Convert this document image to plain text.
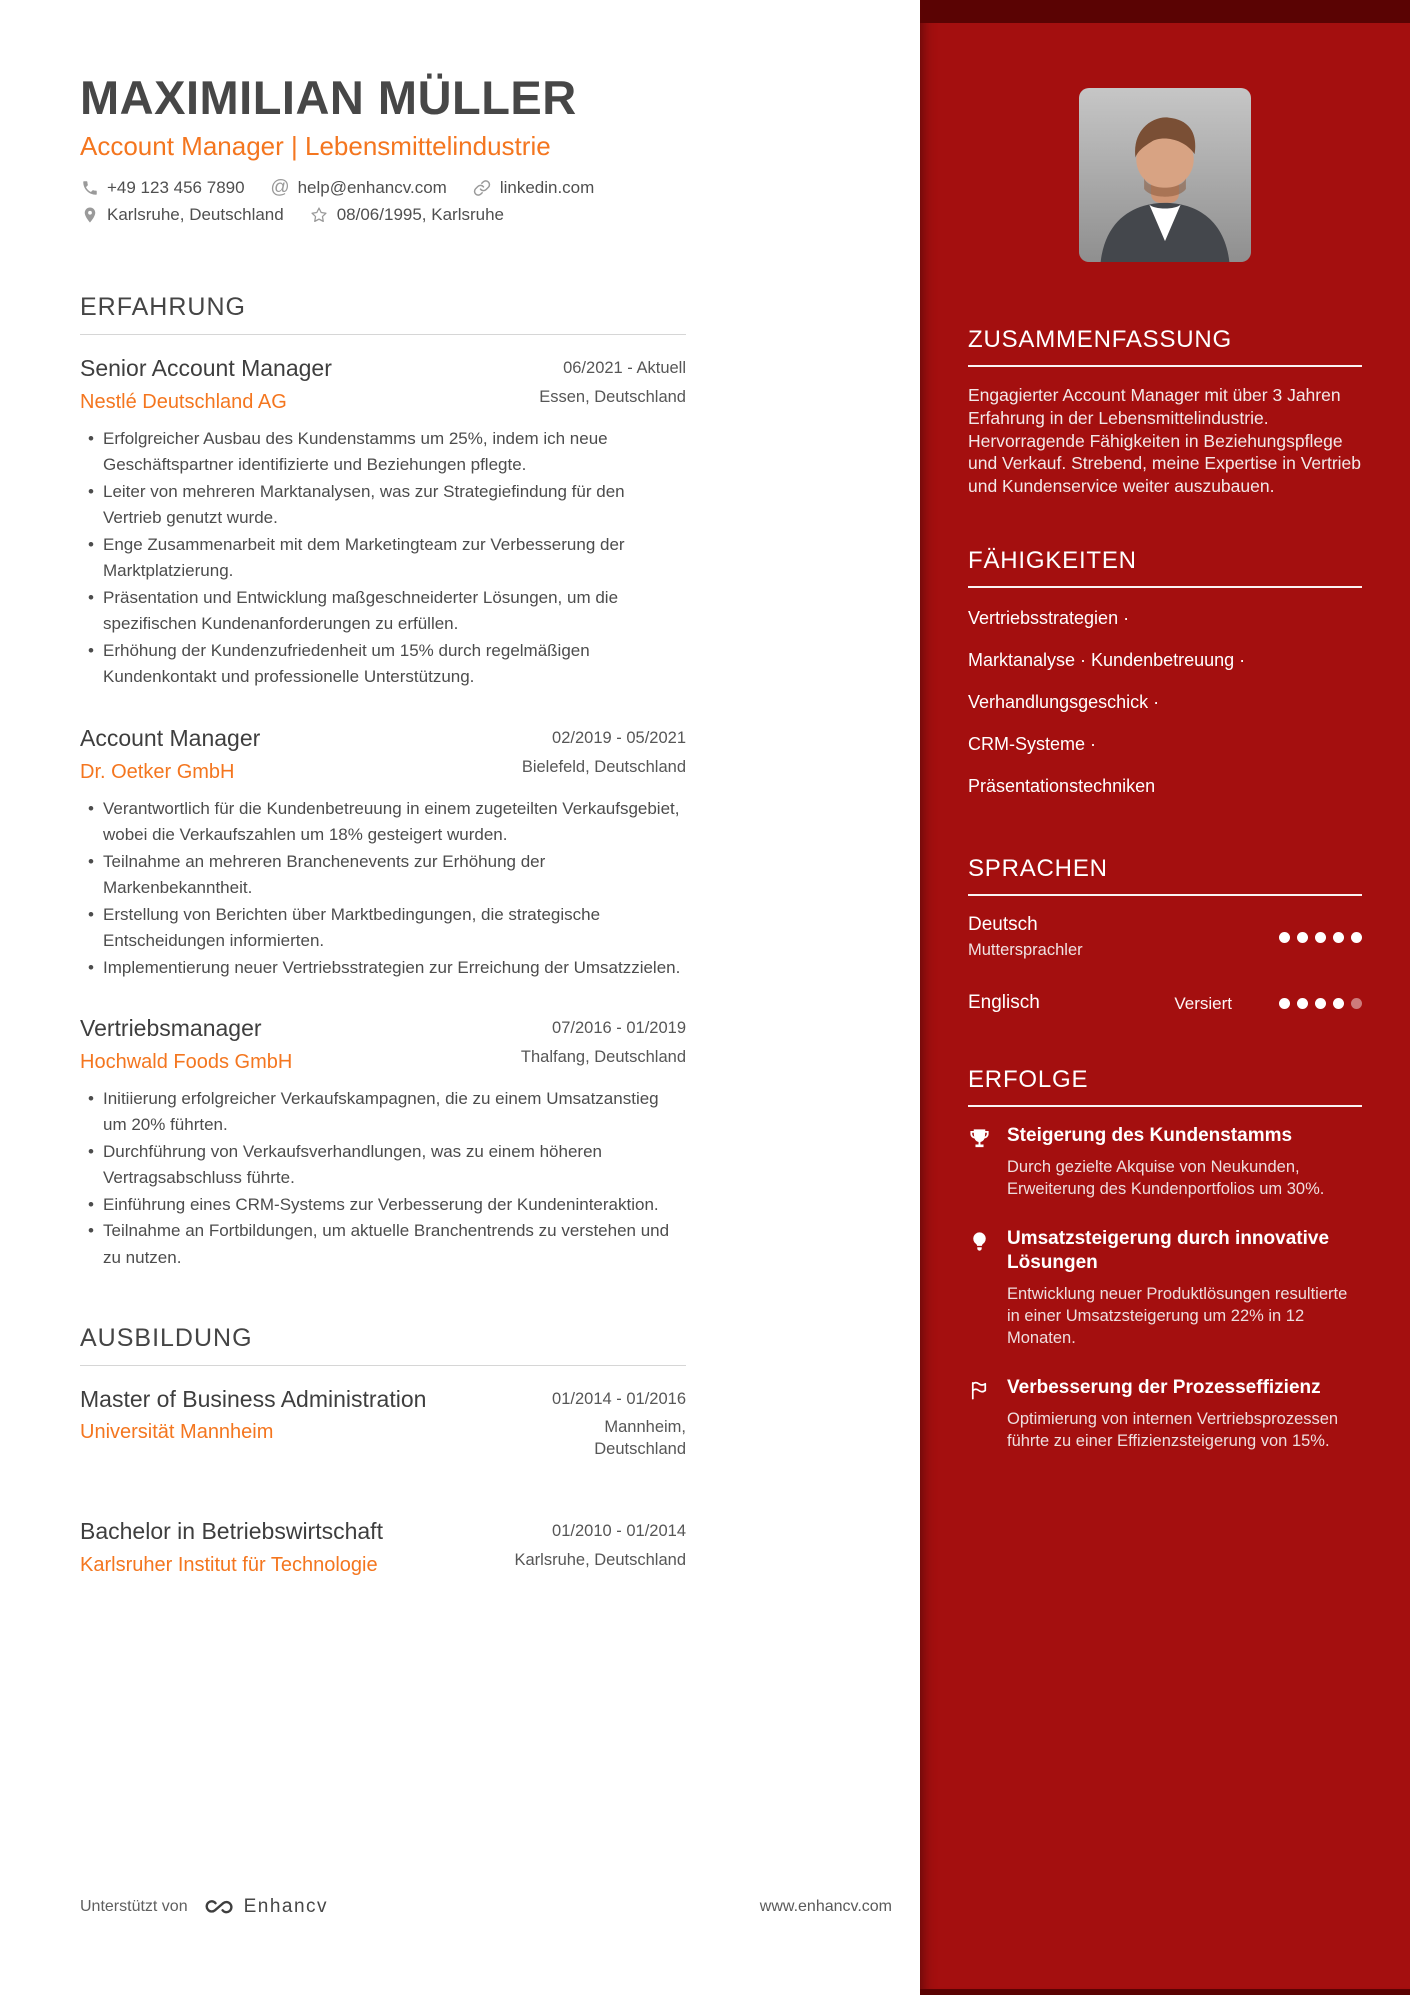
MAXIMILIAN MÜLLER
Account Manager | Lebensmittelindustrie
+49 123 456 7890 @ help@enhancv.com	linkedin.com
Karlsruhe, Deutschland	08/06/1995, Karlsruhe
ERFAHRUNG
Senior Account Manager	06/2021 - Aktuell
Nestlé Deutschland AG	Essen, Deutschland
• Erfolgreicher Ausbau des Kundenstamms um 25%, indem ich neue Geschäftspartner identifizierte und Beziehungen pflegte.
• Leiter von mehreren Marktanalysen, was zur Strategiefindung für den Vertrieb genutzt wurde.
• Enge Zusammenarbeit mit dem Marketingteam zur Verbesserung der Marktplatzierung.
• Präsentation und Entwicklung maßgeschneiderter Lösungen, um die spezifischen Kundenanforderungen zu erfüllen.
• Erhöhung der Kundenzufriedenheit um 15% durch regelmäßigen Kundenkontakt und professionelle Unterstützung.
Account Manager	02/2019 - 05/2021
Dr. Oetker GmbH	Bielefeld, Deutschland
• Verantwortlich für die Kundenbetreuung in einem zugeteilten Verkaufsgebiet, wobei die Verkaufszahlen um 18% gesteigert wurden.
• Teilnahme an mehreren Branchenevents zur Erhöhung der Markenbekanntheit.
• Erstellung von Berichten über Marktbedingungen, die strategische Entscheidungen informierten.
• Implementierung neuer Vertriebsstrategien zur Erreichung der Umsatzzielen.
Vertriebsmanager	07/2016 - 01/2019
Hochwald Foods GmbH	Thalfang, Deutschland
• Initiierung erfolgreicher Verkaufskampagnen, die zu einem Umsatzanstieg um 20% führten.
• Durchführung von Verkaufsverhandlungen, was zu einem höheren Vertragsabschluss führte.
• Einführung eines CRM-Systems zur Verbesserung der Kundeninteraktion.
• Teilnahme an Fortbildungen, um aktuelle Branchentrends zu verstehen und zu nutzen.
AUSBILDUNG
Master of Business Administration	01/2014 - 01/2016
Universität Mannheim	Mannheim, Deutschland
Bachelor in Betriebswirtschaft	01/2010 - 01/2014
Karlsruher Institut für Technologie	Karlsruhe, Deutschland
Unterstützt von	Enhancv	www.enhancv.com
ZUSAMMENFASSUNG
Engagierter Account Manager mit über 3 Jahren Erfahrung in der Lebensmittelindustrie. Hervorragende Fähigkeiten in Beziehungspflege und Verkauf. Strebend, meine Expertise in Vertrieb und Kundenservice weiter auszubauen.
FÄHIGKEITEN
Vertriebsstrategien ·
Marktanalyse · Kundenbetreuung ·
Verhandlungsgeschick ·
CRM-Systeme ·
Präsentationstechniken
SPRACHEN
Deutsch
Muttersprachler
Englisch	Versiert
ERFOLGE
Steigerung des Kundenstamms
Durch gezielte Akquise von Neukunden, Erweiterung des Kundenportfolios um 30%.
Umsatzsteigerung durch innovative Lösungen
Entwicklung neuer Produktlösungen resultierte in einer Umsatzsteigerung um 22% in 12 Monaten.
Verbesserung der Prozesseffizienz
Optimierung von internen Vertriebsprozessen führte zu einer Effizienzsteigerung von 15%.
